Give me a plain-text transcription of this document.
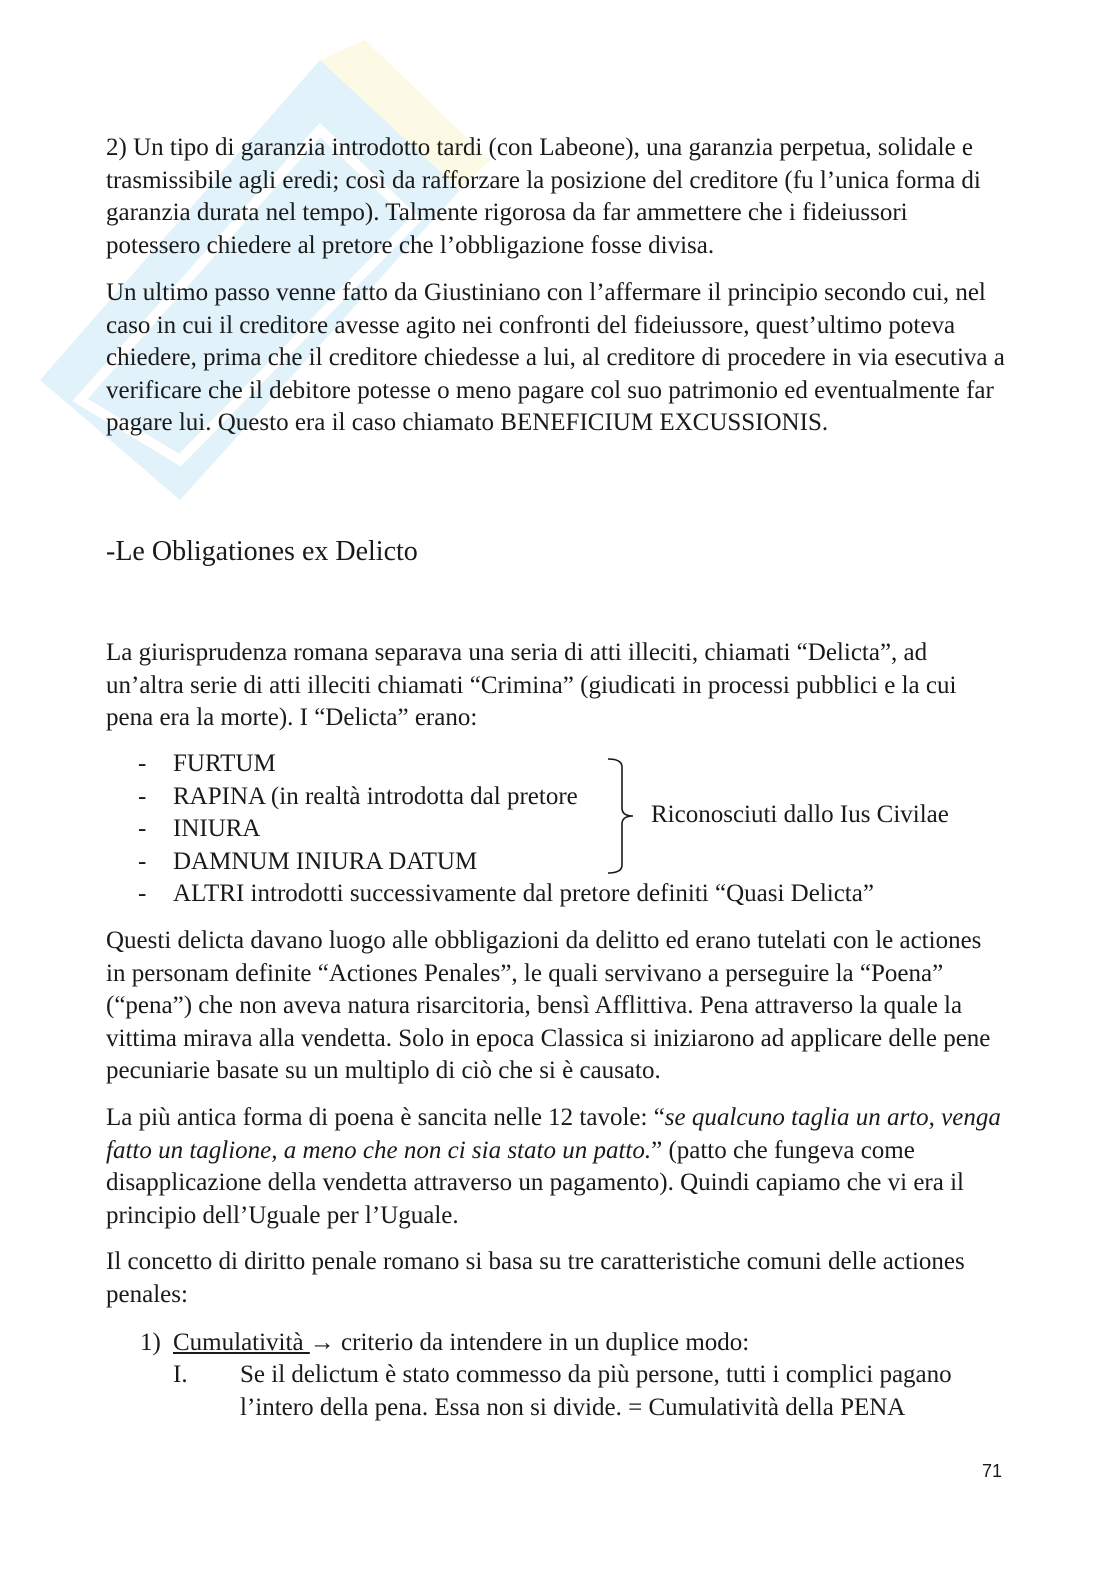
2) Un tipo di garanzia introdotto tardi (con Labeone), una garanzia perpetua, solidale e trasmissibile agli eredi; così da rafforzare la posizione del creditore (fu l’unica forma di garanzia durata nel tempo). Talmente rigorosa da far ammettere che i fideiussori potessero chiedere al pretore che l’obbligazione fosse divisa.

Un ultimo passo venne fatto da Giustiniano con l’affermare il principio secondo cui, nel caso in cui il creditore avesse agito nei confronti del fideiussore, quest’ultimo poteva chiedere, prima che il creditore chiedesse a lui, al creditore di procedere in via esecutiva a verificare che il debitore potesse o meno pagare col suo patrimonio ed eventualmente far pagare lui. Questo era il caso chiamato BENEFICIUM EXCUSSIONIS.

-Le Obligationes ex Delicto

La giurisprudenza romana separava una seria di atti illeciti, chiamati “Delicta”, ad un’altra serie di atti illeciti chiamati “Crimina” (giudicati in processi pubblici e la cui pena era la morte). I “Delicta” erano:

- FURTUM
- RAPINA (in realtà introdotta dal pretore
- INIURA
- DAMNUM INIURA DATUM
- ALTRI introdotti successivamente dal pretore definiti “Quasi Delicta”
Riconosciuti dallo Ius Civilae

Questi delicta davano luogo alle obbligazioni da delitto ed erano tutelati con le actiones in personam definite “Actiones Penales”, le quali servivano a perseguire la “Poena” (“pena”) che non aveva natura risarcitoria, bensì Afflittiva. Pena attraverso la quale la vittima mirava alla vendetta. Solo in epoca Classica si iniziarono ad applicare delle pene pecuniarie basate su un multiplo di ciò che si è causato.

La più antica forma di poena è sancita nelle 12 tavole: “se qualcuno taglia un arto, venga fatto un taglione, a meno che non ci sia stato un patto.” (patto che fungeva come disapplicazione della vendetta attraverso un pagamento). Quindi capiamo che vi era il principio dell’Uguale per l’Uguale.

Il concetto di diritto penale romano si basa su tre caratteristiche comuni delle actiones penales:

1) Cumulatività → criterio da intendere in un duplice modo:
I. Se il delictum è stato commesso da più persone, tutti i complici pagano l’intero della pena. Essa non si divide. = Cumulatività della PENA

71
